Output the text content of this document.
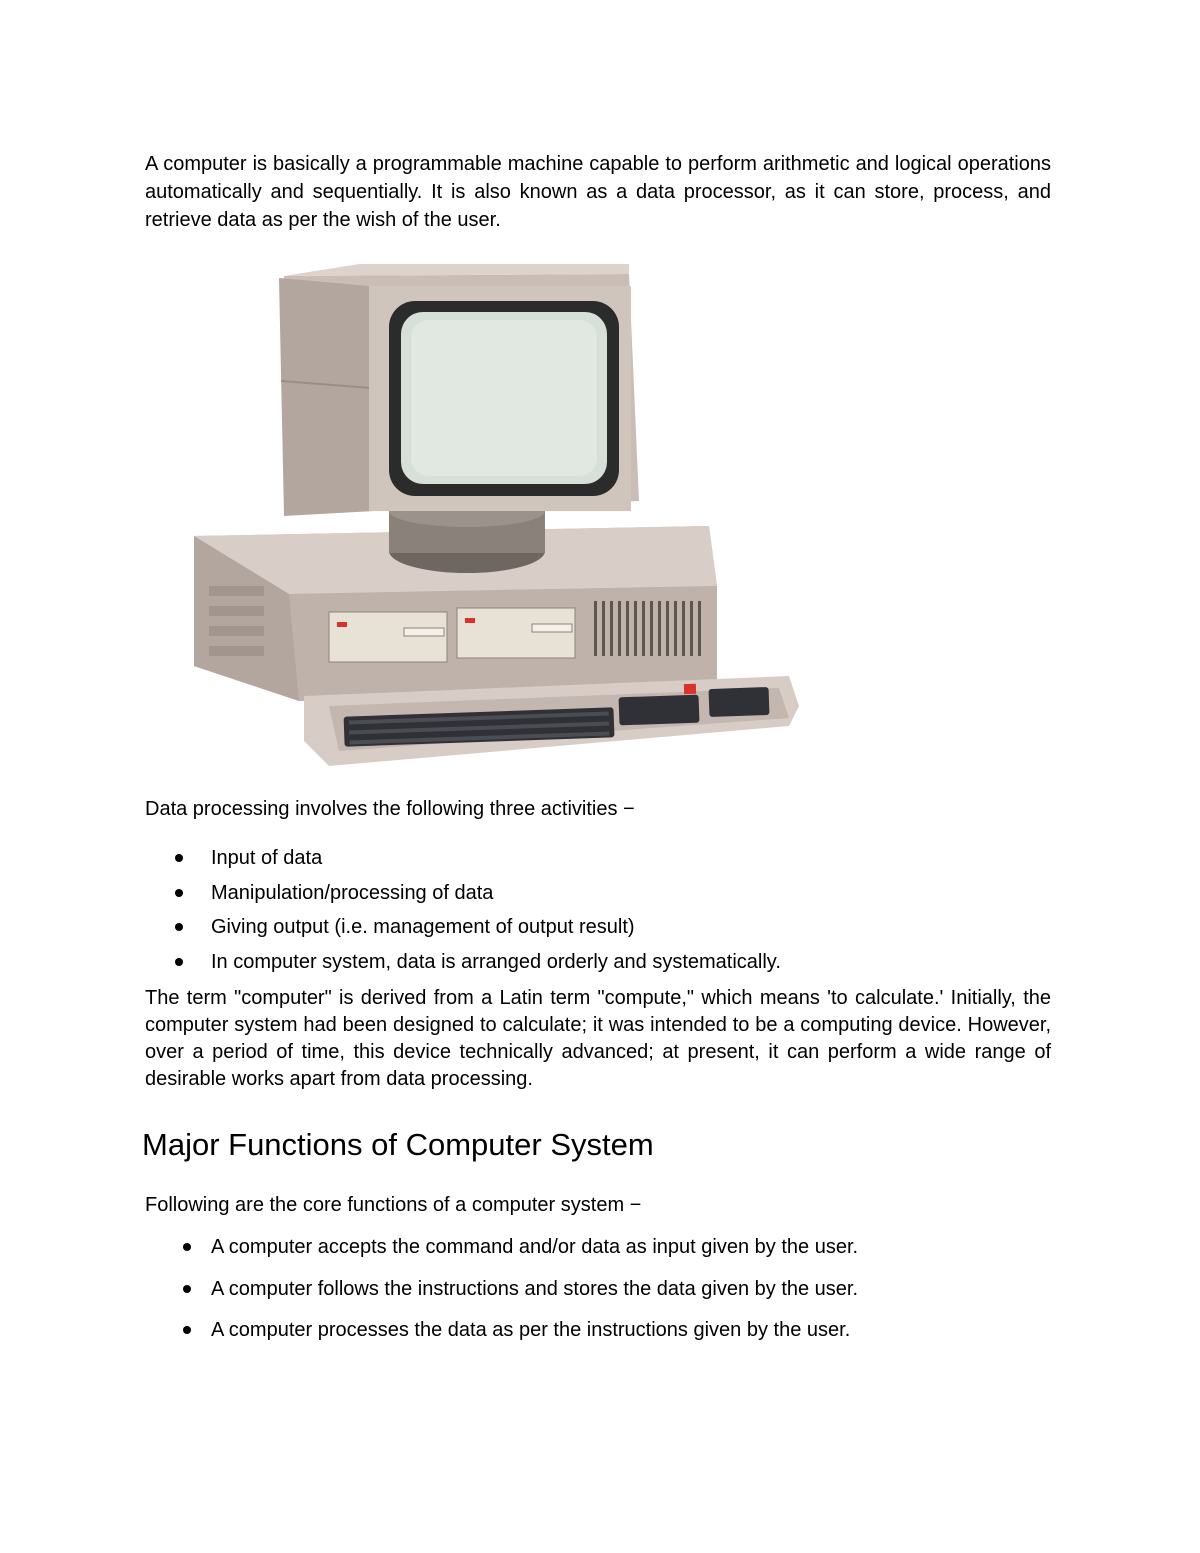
A computer is basically a programmable machine capable to perform arithmetic and logical operations automatically and sequentially. It is also known as a data processor, as it can store, process, and retrieve data as per the wish of the user.

Data processing involves the following three activities −

Input of data
Manipulation/processing of data
Giving output (i.e. management of output result)
In computer system, data is arranged orderly and systematically.

The term "computer" is derived from a Latin term "compute," which means 'to calculate.' Initially, the computer system had been designed to calculate; it was intended to be a computing device. However, over a period of time, this device technically advanced; at present, it can perform a wide range of desirable works apart from data processing.

Major Functions of Computer System

Following are the core functions of a computer system −

A computer accepts the command and/or data as input given by the user.
A computer follows the instructions and stores the data given by the user.
A computer processes the data as per the instructions given by the user.
